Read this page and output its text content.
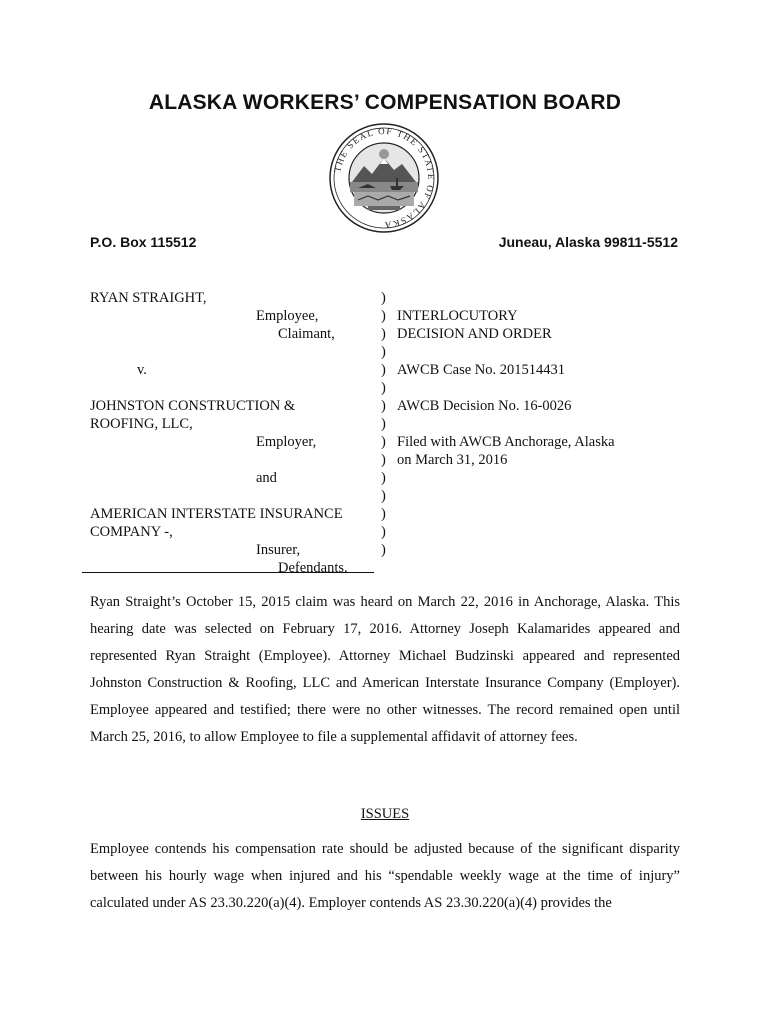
ALASKA WORKERS’ COMPENSATION BOARD
THE SEAL OF THE STATE OF ALASKA
P.O. Box 115512	Juneau, Alaska 99811-5512
RYAN STRAIGHT,
Employee,
Claimant,
v.
JOHNSTON CONSTRUCTION &
ROOFING, LLC,
Employer,
and
AMERICAN INTERSTATE INSURANCE
COMPANY -,
Insurer,
Defendants.
)
)
)
)
)
)
)
)
)
)
)
)
)
)
)
INTERLOCUTORY
DECISION AND ORDER
AWCB Case No. 201514431
AWCB Decision No. 16-0026
Filed with AWCB Anchorage, Alaska
on March 31, 2016
Ryan Straight’s October 15, 2015 claim was heard on March 22, 2016 in Anchorage, Alaska. This hearing date was selected on February 17, 2016. Attorney Joseph Kalamarides appeared and represented Ryan Straight (Employee). Attorney Michael Budzinski appeared and represented Johnston Construction & Roofing, LLC and American Interstate Insurance Company (Employer). Employee appeared and testified; there were no other witnesses. The record remained open until March 25, 2016, to allow Employee to file a supplemental affidavit of attorney fees.
ISSUES
Employee contends his compensation rate should be adjusted because of the significant disparity between his hourly wage when injured and his “spendable weekly wage at the time of injury” calculated under AS 23.30.220(a)(4). Employer contends AS 23.30.220(a)(4) provides the
